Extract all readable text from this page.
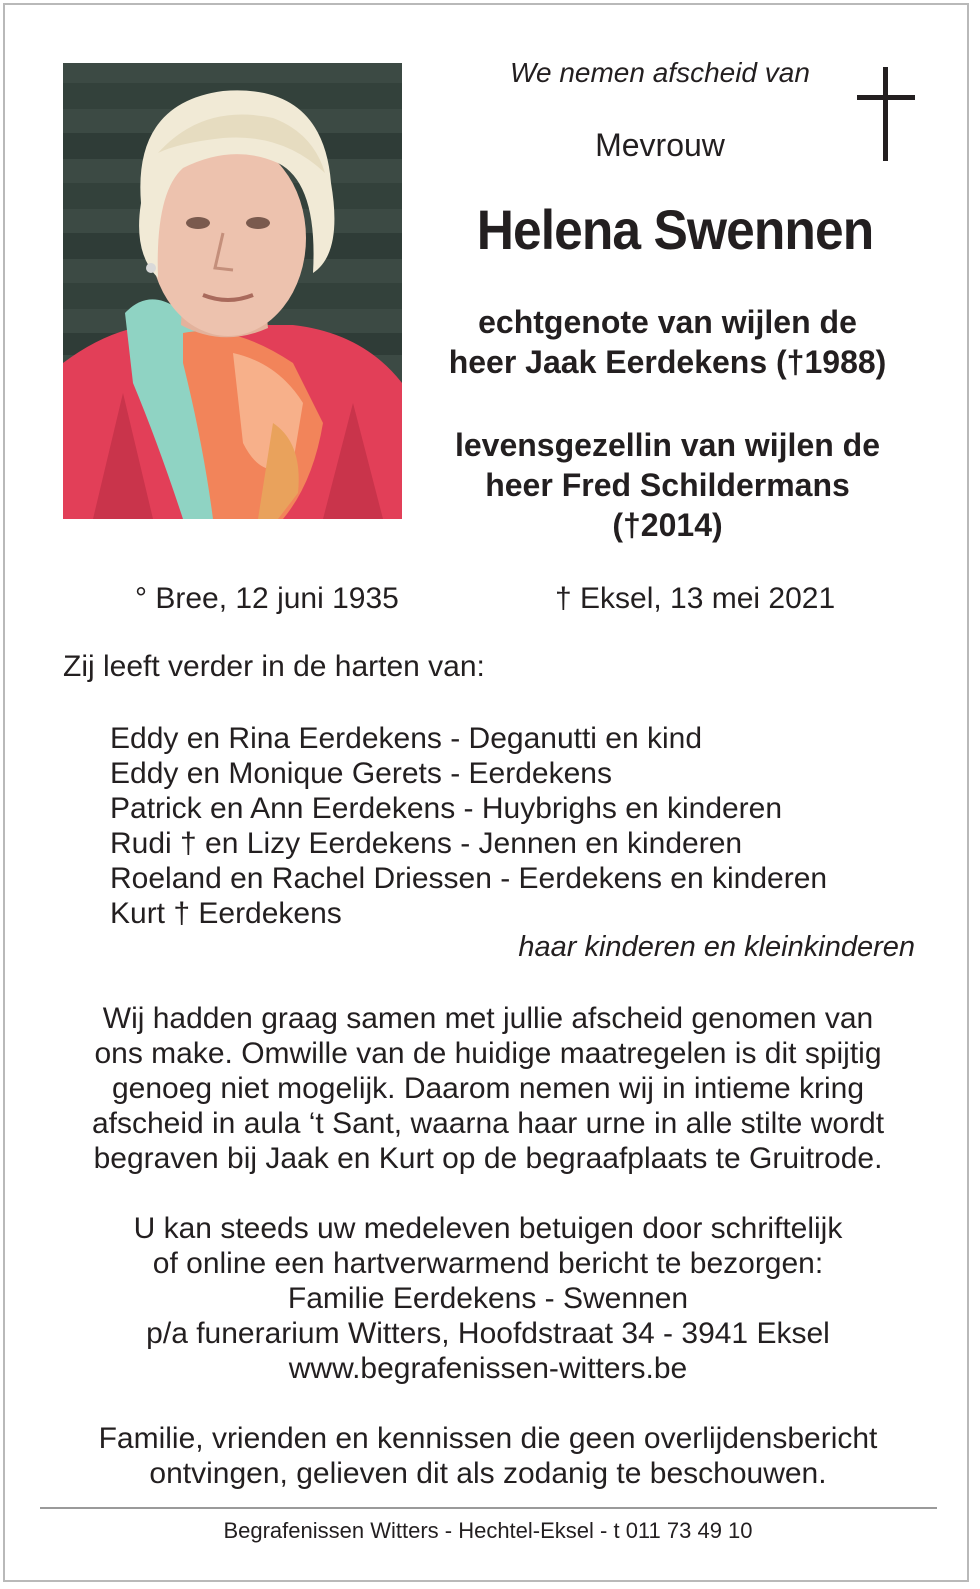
We nemen afscheid van
Mevrouw
Helena Swennen
echtgenote van wijlen de
heer Jaak Eerdekens (†1988)
levensgezellin van wijlen de
heer Fred Schildermans
(†2014)
° Bree, 12 juni 1935	† Eksel, 13 mei 2021
Zij leeft verder in de harten van:
Eddy en Rina Eerdekens - Deganutti en kind
Eddy en Monique Gerets - Eerdekens
Patrick en Ann Eerdekens - Huybrighs en kinderen
Rudi † en Lizy Eerdekens - Jennen en kinderen
Roeland en Rachel Driessen - Eerdekens en kinderen
Kurt † Eerdekens
haar kinderen en kleinkinderen
Wij hadden graag samen met jullie afscheid genomen van
ons make. Omwille van de huidige maatregelen is dit spijtig
genoeg niet mogelijk. Daarom nemen wij in intieme kring
afscheid in aula ‘t Sant, waarna haar urne in alle stilte wordt
begraven bij Jaak en Kurt op de begraafplaats te Gruitrode.
U kan steeds uw medeleven betuigen door schriftelijk
of online een hartverwarmend bericht te bezorgen:
Familie Eerdekens - Swennen
p/a funerarium Witters, Hoofdstraat 34 - 3941 Eksel
www.begrafenissen-witters.be
Familie, vrienden en kennissen die geen overlijdensbericht
ontvingen, gelieven dit als zodanig te beschouwen.
Begrafenissen Witters - Hechtel-Eksel - t 011 73 49 10
